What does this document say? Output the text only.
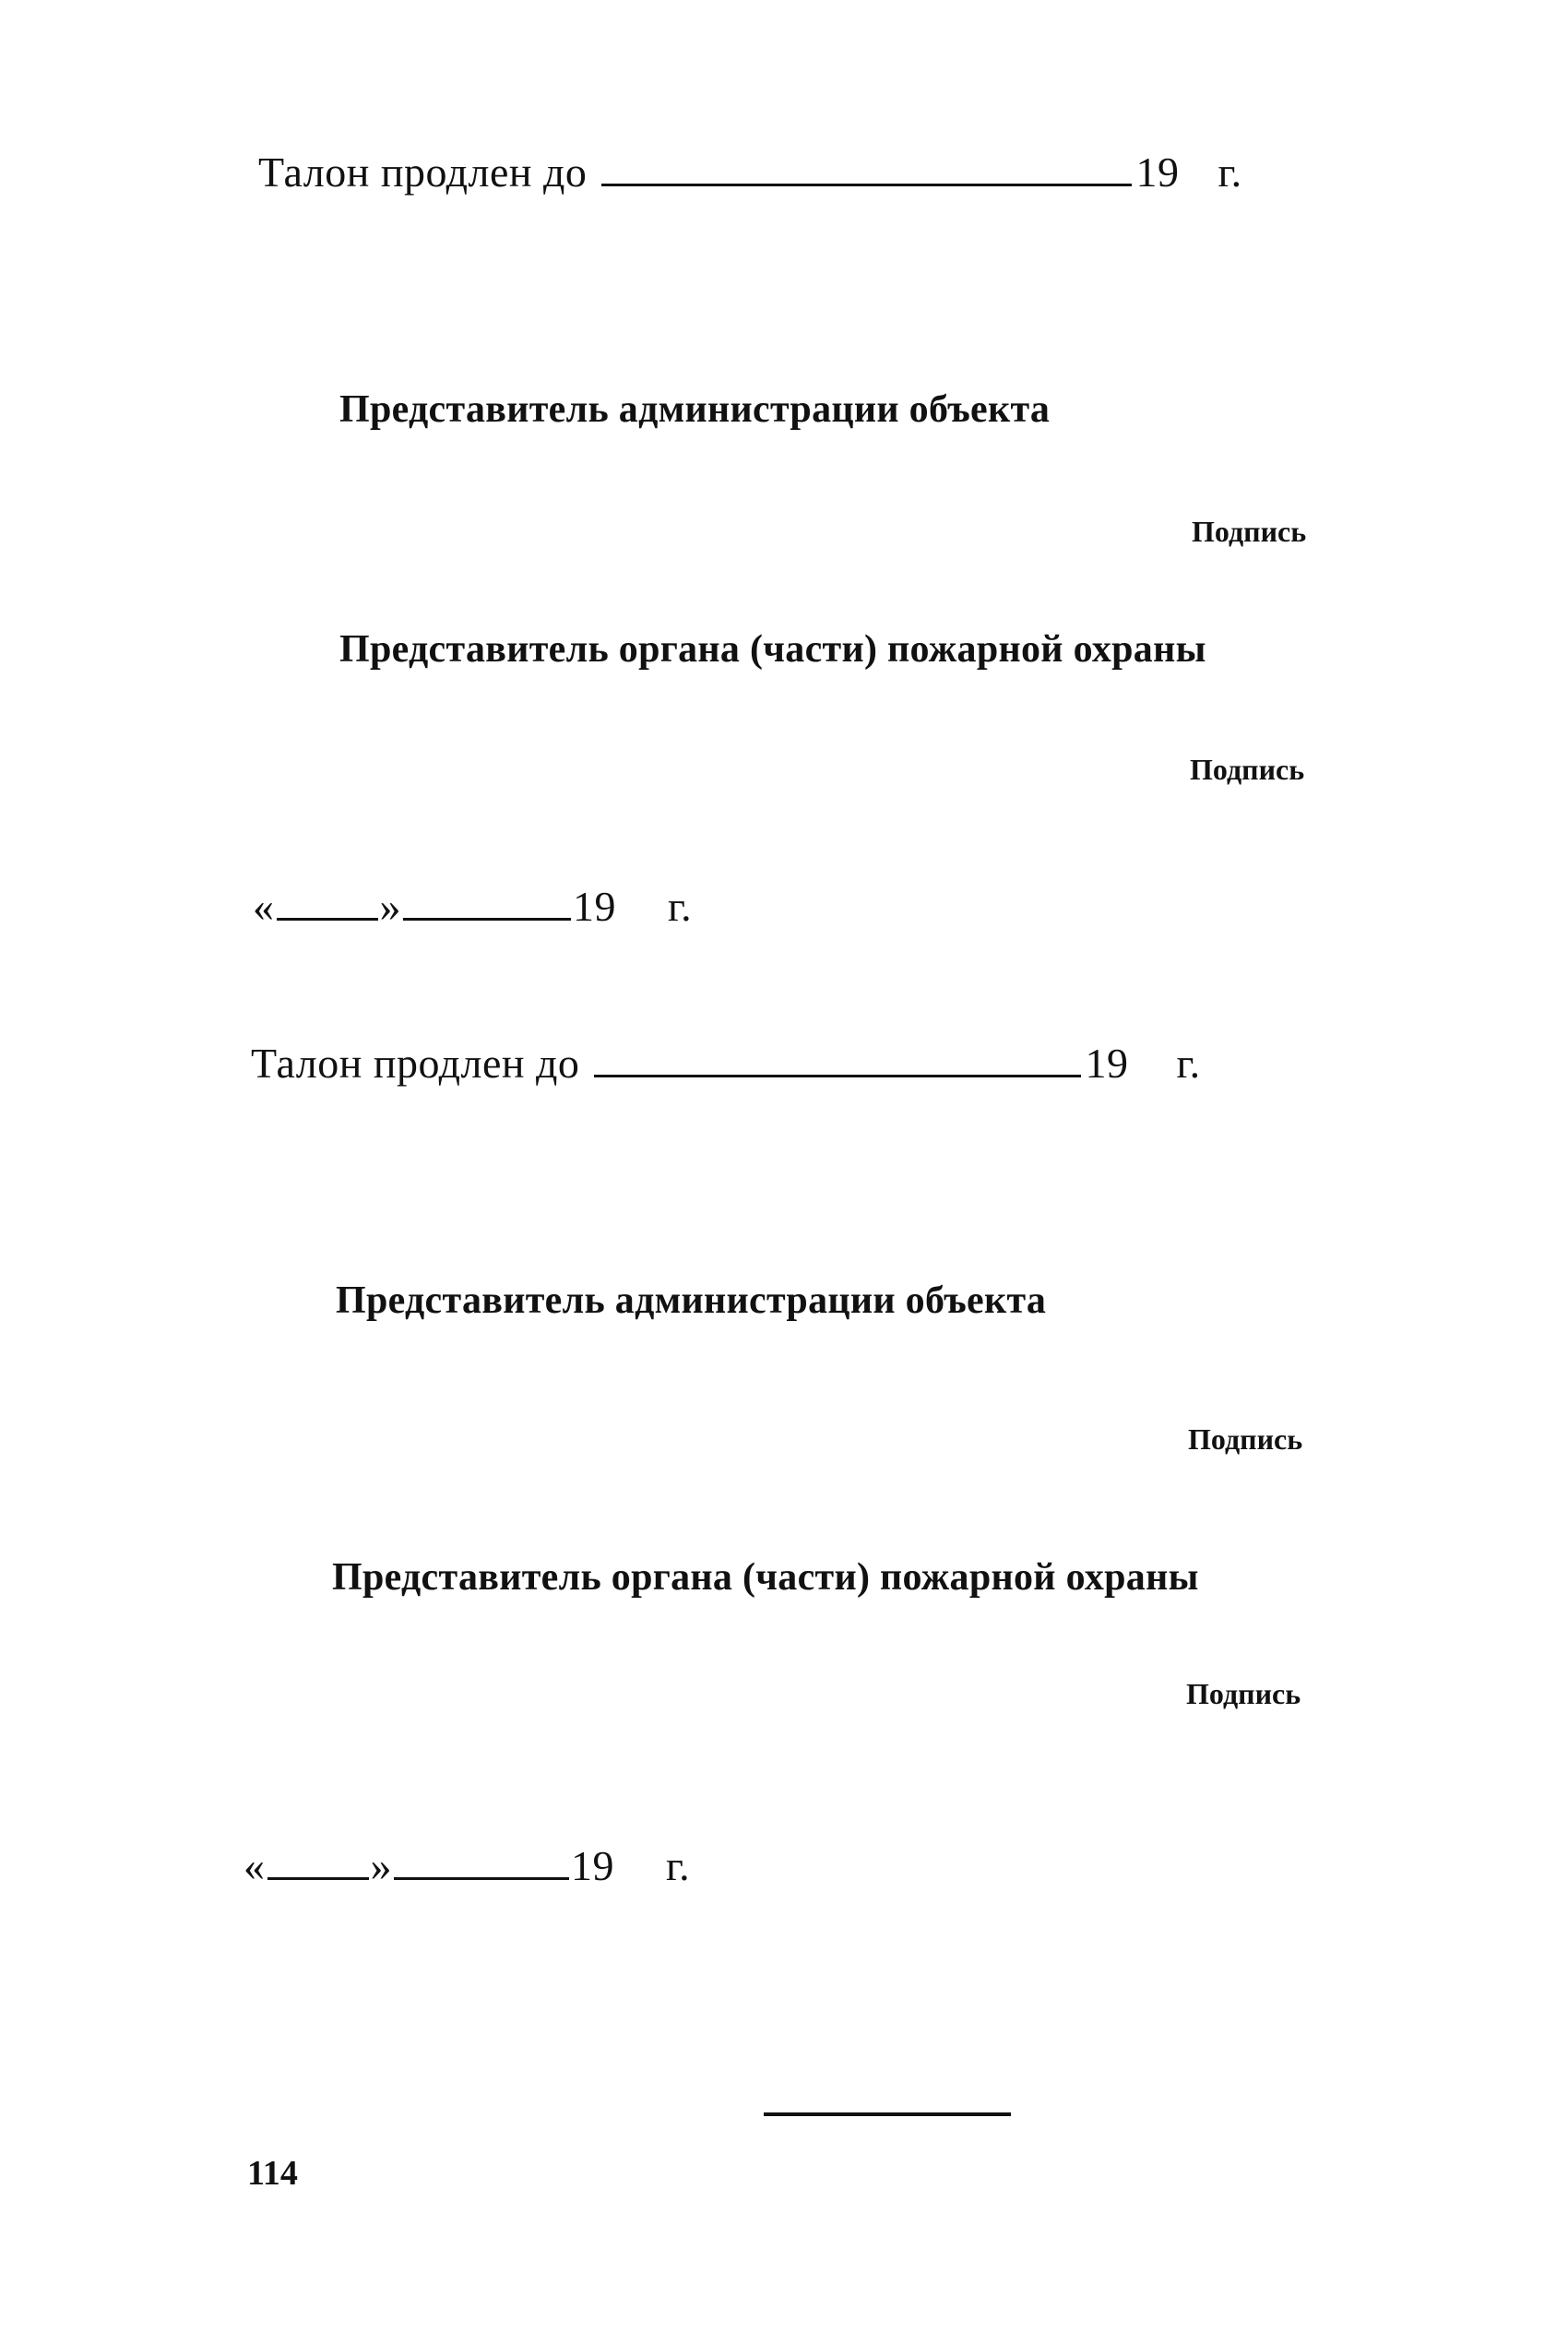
Талон продлен до	19 г.
Представитель администрации объекта
Подпись
Представитель органа (части) пожарной охраны
Подпись
« »	19 г.
Талон продлен до	19 г.
Представитель администрации объекта
Подпись
Представитель органа (части) пожарной охраны
Подпись
« »	19 г.
114
